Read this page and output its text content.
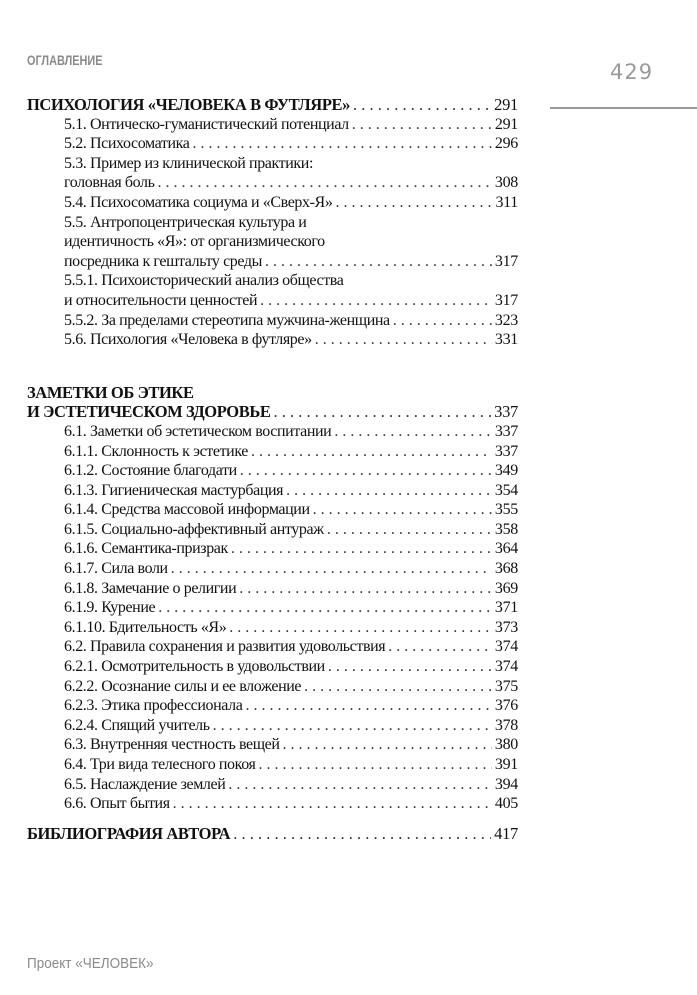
ОГЛАВЛЕНИЕ	429
ПСИХОЛОГИЯ «ЧЕЛОВЕКА В ФУТЛЯРЕ» . . .	291
5.1. Онтическо-гуманистический потенциал . . .	291
5.2. Психосоматика . . .	296
5.3. Пример из клинической практики:
головная боль . . .	308
5.4. Психосоматика социума и «Сверх-Я» . . .	311
5.5. Антропоцентрическая культура и
идентичность «Я»: от организмического
посредника к гештальту среды . . .	317
5.5.1. Психоисторический анализ общества
и относительности ценностей . . .	317
5.5.2. За пределами стереотипа мужчина-женщина . . .	323
5.6. Психология «Человека в футляре» . . .	331
ЗАМЕТКИ ОБ ЭТИКЕ
И ЭСТЕТИЧЕСКОМ ЗДОРОВЬЕ . . .	337
6.1. Заметки об эстетическом воспитании . . .	337
6.1.1. Склонность к эстетике . . .	337
6.1.2. Состояние благодати . . .	349
6.1.3. Гигиеническая мастурбация . . .	354
6.1.4. Средства массовой информации . . .	355
6.1.5. Социально-аффективный антураж . . .	358
6.1.6. Семантика-призрак . . .	364
6.1.7. Сила воли . . .	368
6.1.8. Замечание о религии . . .	369
6.1.9. Курение . . .	371
6.1.10. Бдительность «Я» . . .	373
6.2. Правила сохранения и развития удовольствия . . .	374
6.2.1. Осмотрительность в удовольствии . . .	374
6.2.2. Осознание силы и ее вложение . . .	375
6.2.3. Этика профессионала . . .	376
6.2.4. Спящий учитель . . .	378
6.3. Внутренняя честность вещей . . .	380
6.4. Три вида телесного покоя . . .	391
6.5. Наслаждение землей . . .	394
6.6. Опыт бытия . . .	405
БИБЛИОГРАФИЯ АВТОРА . . .	417
Проект «ЧЕЛОВЕК»
